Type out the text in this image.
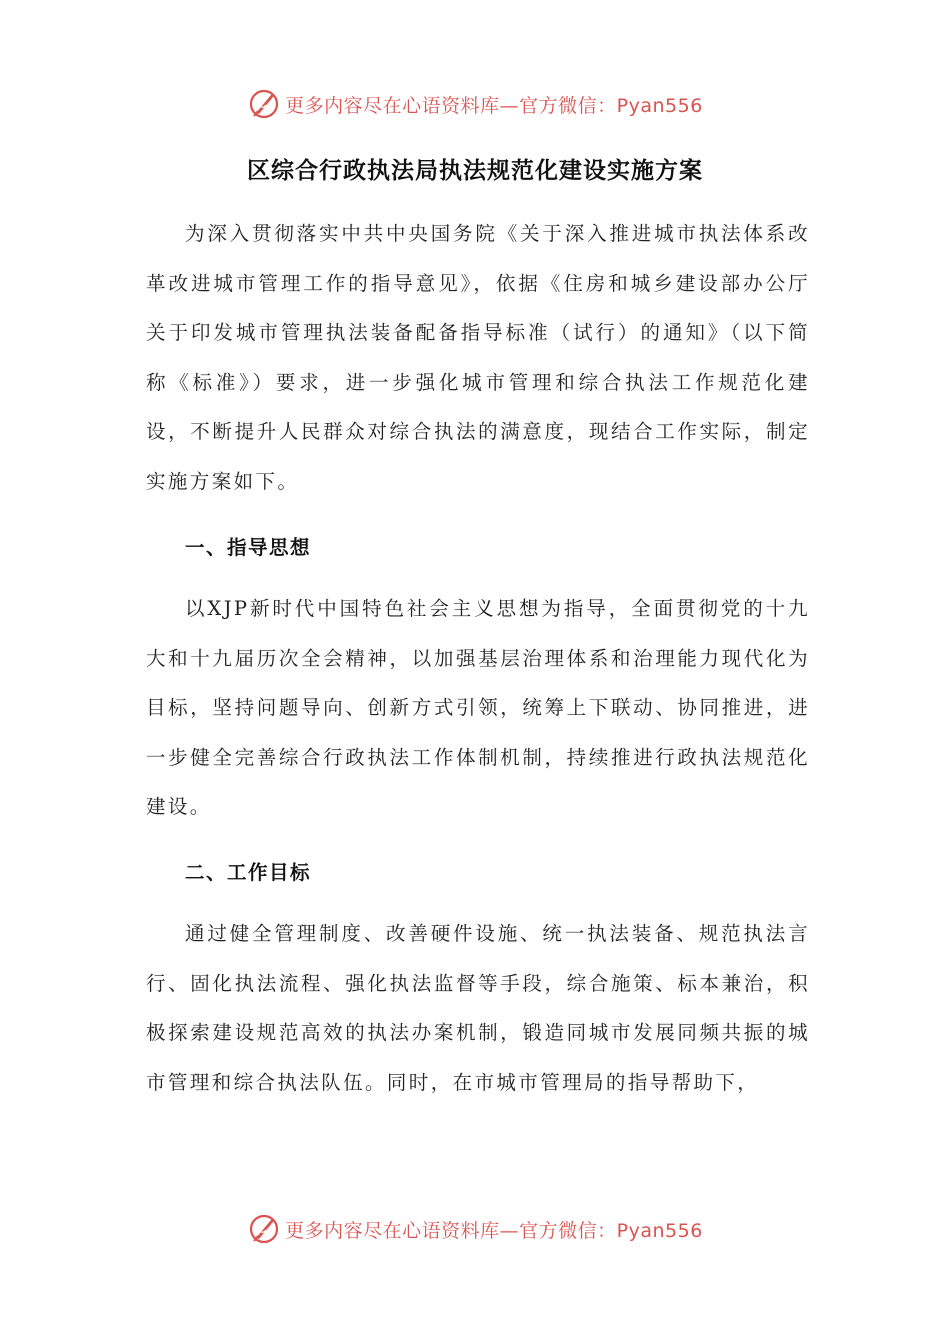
更多内容尽在心语资料库—官方微信：Pyan556
区综合行政执法局执法规范化建设实施方案

为深入贯彻落实中共中央国务院《关于深入推进城市执法体系改革改进城市管理工作的指导意见》，依据《住房和城乡建设部办公厅关于印发城市管理执法装备配备指导标准（试行）的通知》（以下简称《标准》）要求，进一步强化城市管理和综合执法工作规范化建设，不断提升人民群众对综合执法的满意度，现结合工作实际，制定实施方案如下。

一、指导思想

以XJP新时代中国特色社会主义思想为指导，全面贯彻党的十九大和十九届历次全会精神，以加强基层治理体系和治理能力现代化为目标，坚持问题导向、创新方式引领，统筹上下联动、协同推进，进一步健全完善综合行政执法工作体制机制，持续推进行政执法规范化建设。

二、工作目标

通过健全管理制度、改善硬件设施、统一执法装备、规范执法言行、固化执法流程、强化执法监督等手段，综合施策、标本兼治，积极探索建设规范高效的执法办案机制，锻造同城市发展同频共振的城市管理和综合执法队伍。同时，在市城市管理局的指导帮助下，

更多内容尽在心语资料库—官方微信：Pyan556
